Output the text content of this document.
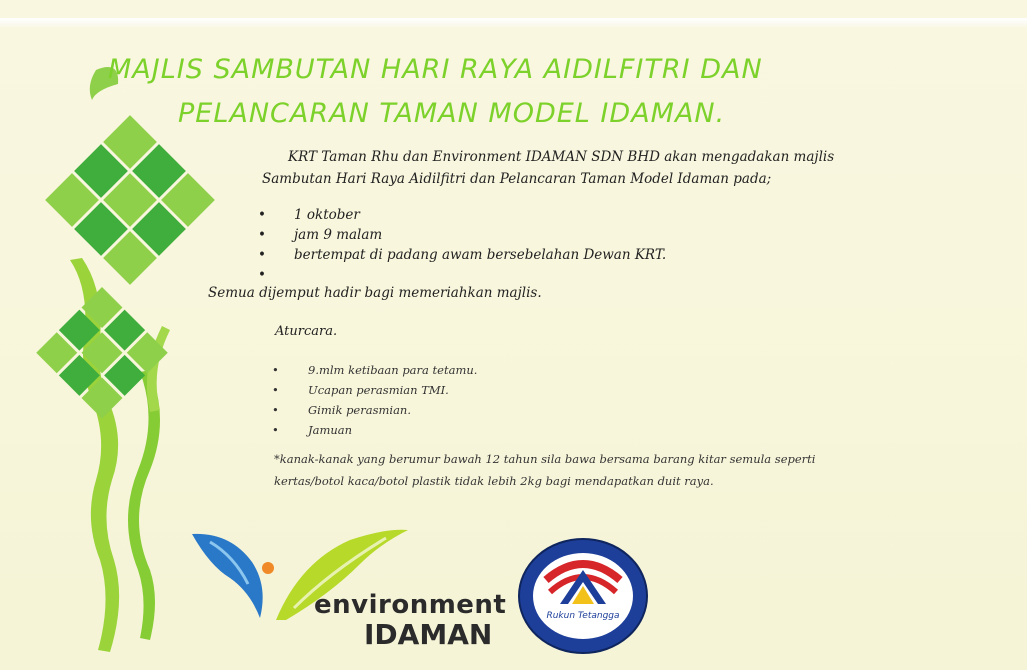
MAJLIS SAMBUTAN HARI RAYA AIDILFITRI DAN
PELANCARAN TAMAN MODEL IDAMAN.
KRT Taman Rhu dan Environment IDAMAN SDN BHD akan mengadakan majlis
Sambutan Hari Raya Aidilfitri dan Pelancaran Taman Model Idaman pada;
• 1 oktober
• jam 9 malam
• bertempat di padang awam bersebelahan Dewan KRT.
•
Semua dijemput hadir bagi memeriahkan majlis.
Aturcara.
•	9.mlm ketibaan para tetamu.
•	Ucapan perasmian TMI.
•	Gimik perasmian.
•	Jamuan
*kanak-kanak yang berumur bawah 12 tahun sila bawa bersama barang kitar semula seperti
kertas/botol kaca/botol plastik tidak lebih 2kg bagi mendapatkan duit raya.
environment
IDAMAN
Rukun Tetangga
